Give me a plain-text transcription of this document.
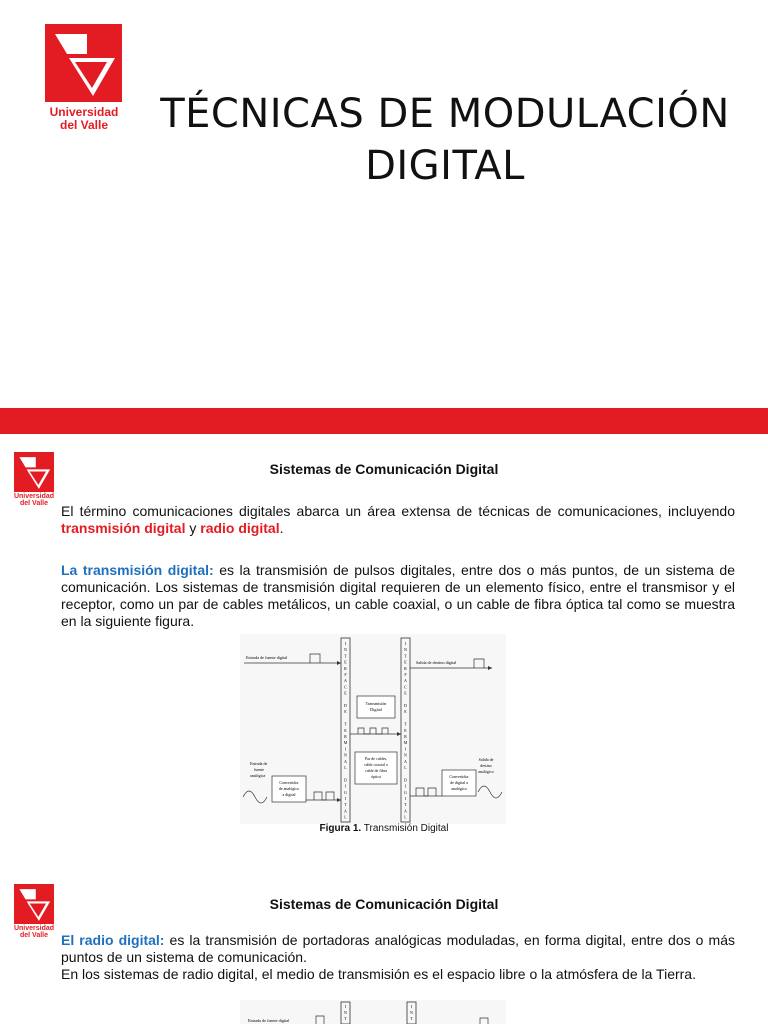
Universidad
del Valle	TÉCNICAS DE MODULACIÓN
DIGITAL
Universidad
del Valle
Sistemas de Comunicación Digital
El término comunicaciones digitales abarca un área extensa de técnicas de comunicaciones, incluyendo transmisión digital y radio digital.
La transmisión digital: es la transmisión de pulsos digitales, entre dos o más puntos, de un sistema de comunicación. Los sistemas de transmisión digital requieren de un elemento físico, entre el transmisor y el receptor, como un par de cables metálicos, un cable coaxial, o un cable de fibra óptica tal como se muestra en la siguiente figura.
I
N
T
E
R
F
A
C
E
D
E
T
E
R
M
I
N
A
L
D
I
G
I
T
A
L
I
N
T
E
R
F
A
C
E
D
E
T
E
R
M
I
N
A
L
D
I
G
I
T
A
L
Entrada de fuente digital
Salida de destino digital
Transmisión
Digital
Par de cables,
cable coaxial o
cable de fibra
óptica
Entrada de
fuente
analógica
Convertidor
de analógico
a digital
Convertidor
de digital a
analógico
Salida de
destino
analógico
Figura 1. Transmisión Digital
Universidad
del Valle
Sistemas de Comunicación Digital
El radio digital: es la transmisión de portadoras analógicas moduladas, en forma digital, entre dos o más puntos de un sistema de comunicación.
En los sistemas de radio digital, el medio de transmisión es el espacio libre o la atmósfera de la Tierra.
I
N
T
I
N
T
Entrada de fuente digital
